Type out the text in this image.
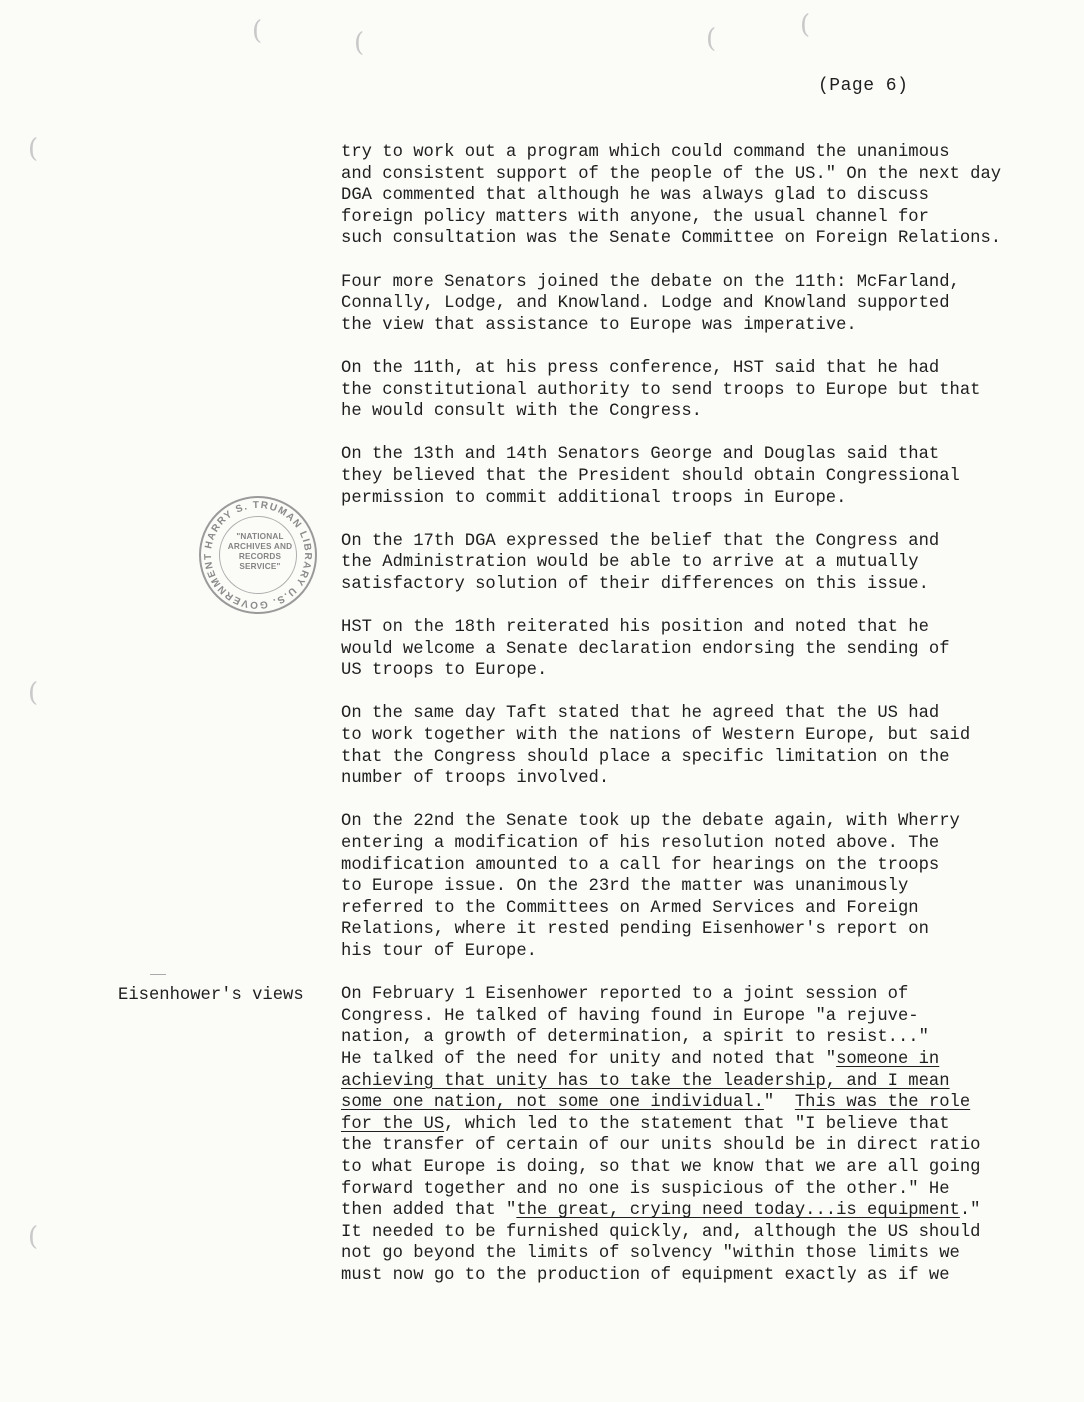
(	(	(	(
(
(
(
(Page 6)
HARRY S. TRUMAN LIBRARY U.S. GOVERNMENT
"NATIONAL
ARCHIVES AND
RECORDS
SERVICE"
Eisenhower's views
try to work out a program which could command the unanimous
and consistent support of the people of the US." On the next day
DGA commented that although he was always glad to discuss
foreign policy matters with anyone, the usual channel for
such consultation was the Senate Committee on Foreign Relations.
Four more Senators joined the debate on the 11th: McFarland,
Connally, Lodge, and Knowland. Lodge and Knowland supported
the view that assistance to Europe was imperative.
On the 11th, at his press conference, HST said that he had
the constitutional authority to send troops to Europe but that
he would consult with the Congress.
On the 13th and 14th Senators George and Douglas said that
they believed that the President should obtain Congressional
permission to commit additional troops in Europe.
On the 17th DGA expressed the belief that the Congress and
the Administration would be able to arrive at a mutually
satisfactory solution of their differences on this issue.
HST on the 18th reiterated his position and noted that he
would welcome a Senate declaration endorsing the sending of
US troops to Europe.
On the same day Taft stated that he agreed that the US had
to work together with the nations of Western Europe, but said
that the Congress should place a specific limitation on the
number of troops involved.
On the 22nd the Senate took up the debate again, with Wherry
entering a modification of his resolution noted above. The
modification amounted to a call for hearings on the troops
to Europe issue. On the 23rd the matter was unanimously
referred to the Committees on Armed Services and Foreign
Relations, where it rested pending Eisenhower's report on
his tour of Europe.
On February 1 Eisenhower reported to a joint session of
Congress. He talked of having found in Europe "a rejuve-
nation, a growth of determination, a spirit to resist..."
He talked of the need for unity and noted that "someone in
achieving that unity has to take the leadership, and I mean
some one nation, not some one individual."  This was the role
for the US, which led to the statement that "I believe that
the transfer of certain of our units should be in direct ratio
to what Europe is doing, so that we know that we are all going
forward together and no one is suspicious of the other." He
then added that "the great, crying need today...is equipment."
It needed to be furnished quickly, and, although the US should
not go beyond the limits of solvency "within those limits we
must now go to the production of equipment exactly as if we
